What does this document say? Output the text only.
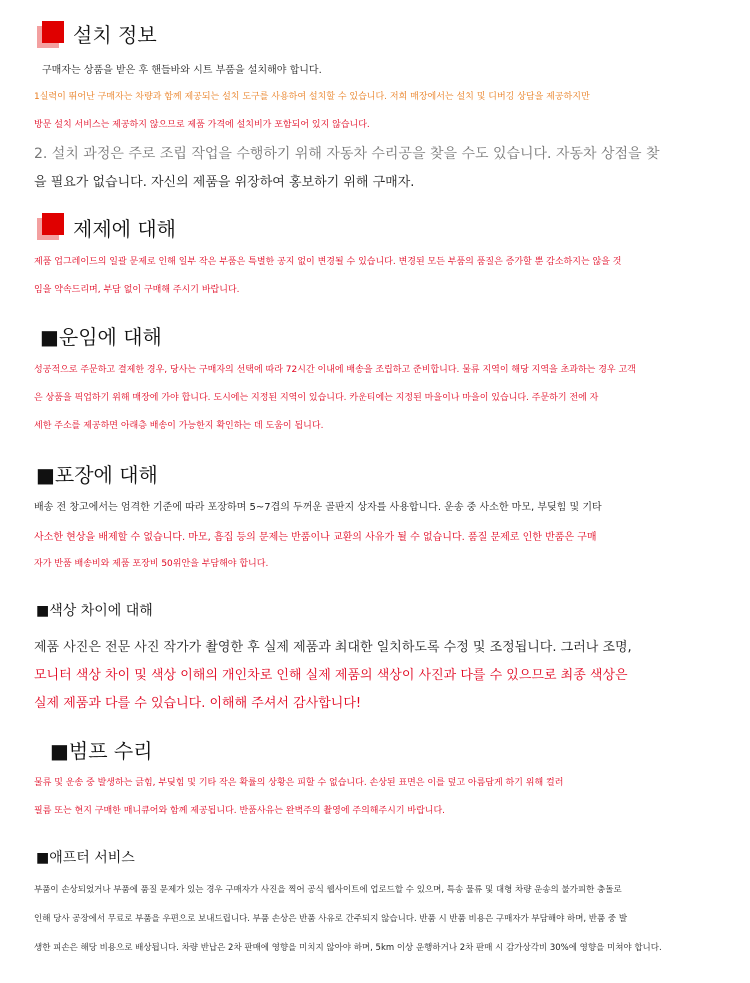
설치 정보
구매자는 상품을 받은 후 핸들바와 시트 부품을 설치해야 합니다.
1실력이 뛰어난 구매자는 차량과 함께 제공되는 설치 도구를 사용하여 설치할 수 있습니다. 저희 매장에서는 설치 및 디버깅 상담을 제공하지만
방문 설치 서비스는 제공하지 않으므로 제품 가격에 설치비가 포함되어 있지 않습니다.
2. 설치 과정은 주로 조립 작업을 수행하기 위해 자동차 수리공을 찾을 수도 있습니다. 자동차 상점을 찾
을 필요가 없습니다. 자신의 제품을 위장하여 홍보하기 위해 구매자.
제제에 대해
제품 업그레이드의 일괄 문제로 인해 일부 작은 부품은 특별한 공지 없이 변경될 수 있습니다. 변경된 모든 부품의 품질은 증가할 뿐 감소하지는 않을 것
임을 약속드리며, 부담 없이 구매해 주시기 바랍니다.
■운임에 대해
성공적으로 주문하고 결제한 경우, 당사는 구매자의 선택에 따라 72시간 이내에 배송을 조립하고 준비합니다. 물류 지역이 해당 지역을 초과하는 경우 고객
은 상품을 픽업하기 위해 매장에 가야 합니다. 도시에는 지정된 지역이 있습니다. 카운티에는 지정된 마을이나 마을이 있습니다. 주문하기 전에 자
세한 주소를 제공하면 아래층 배송이 가능한지 확인하는 데 도움이 됩니다.
■포장에 대해
배송 전 창고에서는 엄격한 기준에 따라 포장하며 5~7겹의 두꺼운 골판지 상자를 사용합니다. 운송 중 사소한 마모, 부딪힘 및 기타
사소한 현상을 배제할 수 없습니다. 마모, 흠집 등의 문제는 반품이나 교환의 사유가 될 수 없습니다. 품질 문제로 인한 반품은 구매
자가 반품 배송비와 제품 포장비 50위안을 부담해야 합니다.
■색상 차이에 대해
제품 사진은 전문 사진 작가가 촬영한 후 실제 제품과 최대한 일치하도록 수정 및 조정됩니다. 그러나 조명,
모니터 색상 차이 및 색상 이해의 개인차로 인해 실제 제품의 색상이 사진과 다를 수 있으므로 최종 색상은
실제 제품과 다를 수 있습니다. 이해해 주셔서 감사합니다!
■범프 수리
물류 및 운송 중 발생하는 긁힘, 부딪힘 및 기타 작은 확률의 상황은 피할 수 없습니다. 손상된 표면은 이를 덮고 아름답게 하기 위해 컬러
필름 또는 현지 구매한 매니큐어와 함께 제공됩니다. 반품사유는 완벽주의 촬영에 주의해주시기 바랍니다.
■애프터 서비스
부품이 손상되었거나 부품에 품질 문제가 있는 경우 구매자가 사진을 찍어 공식 웹사이트에 업로드할 수 있으며, 특송 물류 및 대형 차량 운송의 불가피한 충돌로
인해 당사 공장에서 무료로 부품을 우편으로 보내드립니다. 부품 손상은 반품 사유로 간주되지 않습니다. 반품 시 반품 비용은 구매자가 부담해야 하며, 반품 중 발
생한 피손은 해당 비용으로 배상됩니다. 차량 반납은 2차 판매에 영향을 미치지 않아야 하며, 5km 이상 운행하거나 2차 판매 시 감가상각비 30%에 영향을 미쳐야 합니다.
